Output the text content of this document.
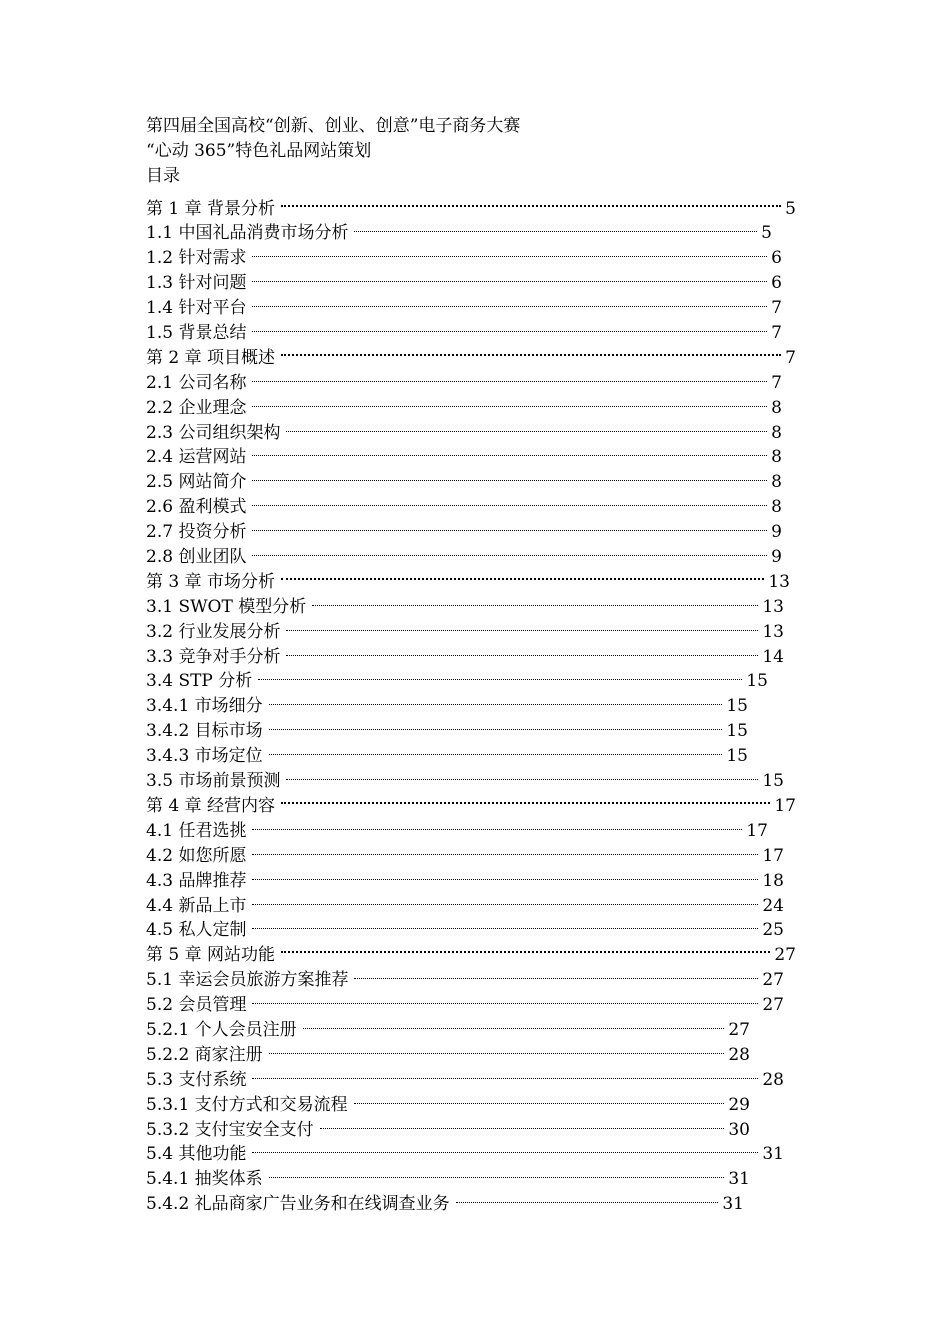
第四届全国高校“创新、创业、创意”电子商务大赛
“心动 365”特色礼品网站策划
目录
第 1 章 背景分析	5
1.1 中国礼品消费市场分析	5
1.2 针对需求	6
1.3 针对问题	6
1.4 针对平台	7
1.5 背景总结	7
第 2 章 项目概述	7
2.1 公司名称	7
2.2 企业理念	8
2.3 公司组织架构	8
2.4 运营网站	8
2.5 网站简介	8
2.6 盈利模式	8
2.7 投资分析	9
2.8 创业团队	9
第 3 章 市场分析	13
3.1 SWOT 模型分析	13
3.2 行业发展分析	13
3.3 竞争对手分析	14
3.4 STP 分析	15
3.4.1 市场细分	15
3.4.2 目标市场	15
3.4.3 市场定位	15
3.5 市场前景预测	15
第 4 章 经营内容	17
4.1 任君选挑	17
4.2 如您所愿	17
4.3 品牌推荐	18
4.4 新品上市	24
4.5 私人定制	25
第 5 章 网站功能	27
5.1 幸运会员旅游方案推荐	27
5.2 会员管理	27
5.2.1 个人会员注册	27
5.2.2 商家注册	28
5.3 支付系统	28
5.3.1 支付方式和交易流程	29
5.3.2 支付宝安全支付	30
5.4 其他功能	31
5.4.1 抽奖体系	31
5.4.2 礼品商家广告业务和在线调查业务	31
